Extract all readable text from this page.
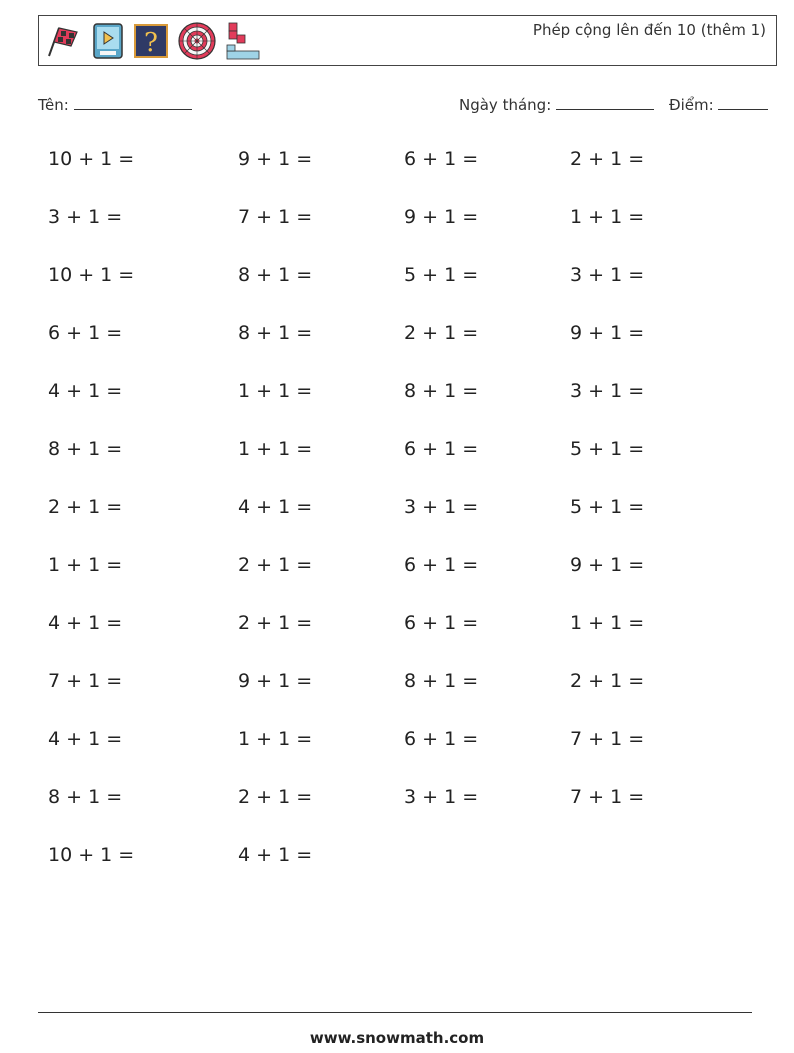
?	Phép cộng lên đến 10 (thêm 1)
Tên:	Ngày tháng:	Điểm:
10 + 1 =	9 + 1 =	6 + 1 =	2 + 1 =
3 + 1 =	7 + 1 =	9 + 1 =	1 + 1 =
10 + 1 =	8 + 1 =	5 + 1 =	3 + 1 =
6 + 1 =	8 + 1 =	2 + 1 =	9 + 1 =
4 + 1 =	1 + 1 =	8 + 1 =	3 + 1 =
8 + 1 =	1 + 1 =	6 + 1 =	5 + 1 =
2 + 1 =	4 + 1 =	3 + 1 =	5 + 1 =
1 + 1 =	2 + 1 =	6 + 1 =	9 + 1 =
4 + 1 =	2 + 1 =	6 + 1 =	1 + 1 =
7 + 1 =	9 + 1 =	8 + 1 =	2 + 1 =
4 + 1 =	1 + 1 =	6 + 1 =	7 + 1 =
8 + 1 =	2 + 1 =	3 + 1 =	7 + 1 =
10 + 1 =	4 + 1 =
www.snowmath.com
